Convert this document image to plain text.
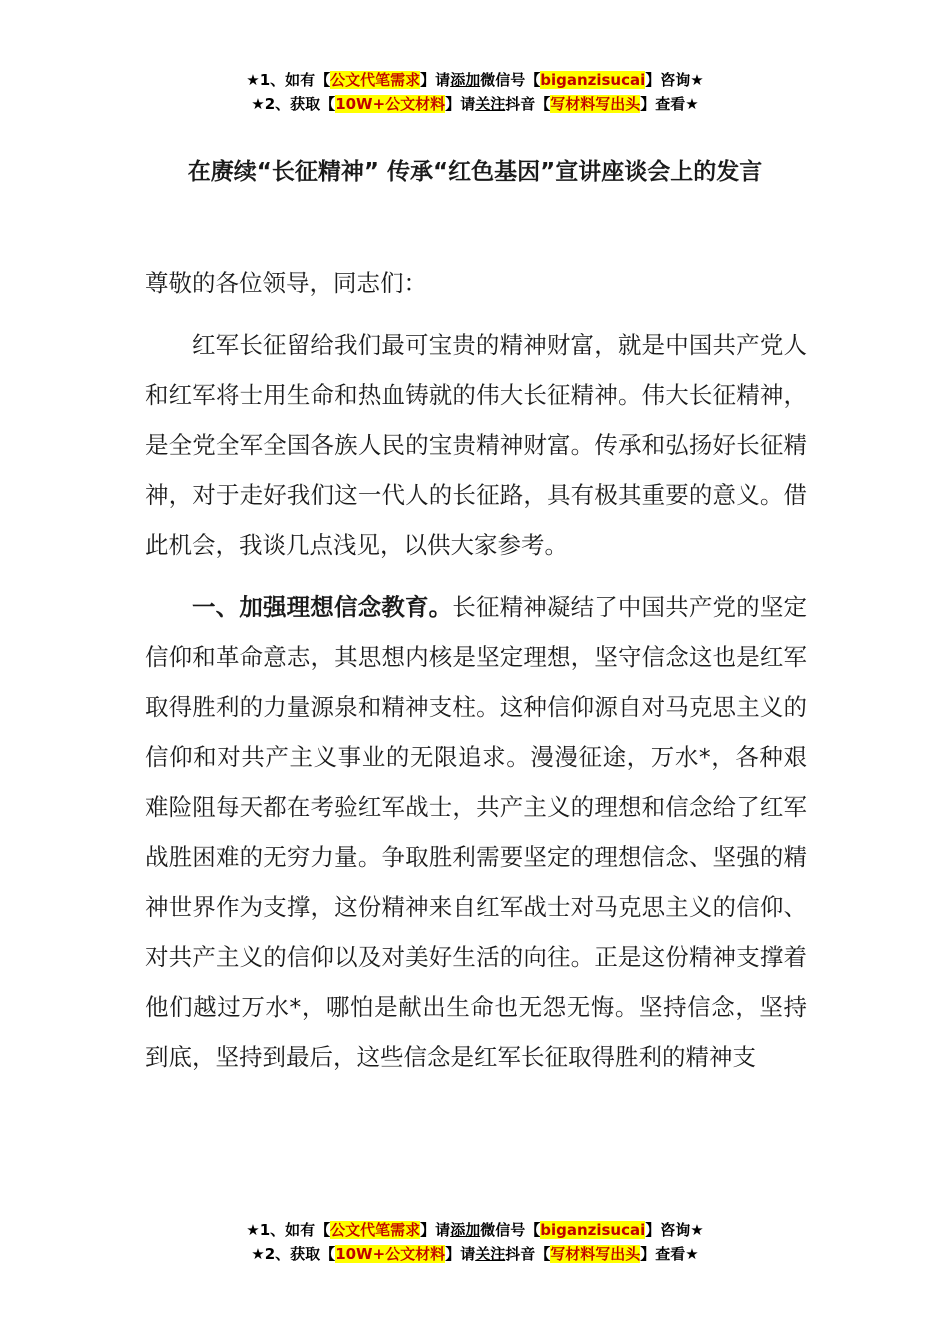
★1、如有【公文代笔需求】请添加微信号【biganzisucai】咨询★
★2、获取【10W+公文材料】请关注抖音【写材料写出头】查看★
在赓续“长征精神” 传承“红色基因”宣讲座谈会上的发言

尊敬的各位领导，同志们：

红军长征留给我们最可宝贵的精神财富，就是中国共产党人和红军将士用生命和热血铸就的伟大长征精神。伟大长征精神，是全党全军全国各族人民的宝贵精神财富。传承和弘扬好长征精神，对于走好我们这一代人的长征路，具有极其重要的意义。借此机会，我谈几点浅见，以供大家参考。

一、加强理想信念教育。长征精神凝结了中国共产党的坚定信仰和革命意志，其思想内核是坚定理想，坚守信念这也是红军取得胜利的力量源泉和精神支柱。这种信仰源自对马克思主义的信仰和对共产主义事业的无限追求。漫漫征途，万水*，各种艰难险阻每天都在考验红军战士，共产主义的理想和信念给了红军战胜困难的无穷力量。争取胜利需要坚定的理想信念、坚强的精神世界作为支撑，这份精神来自红军战士对马克思主义的信仰、对共产主义的信仰以及对美好生活的向往。正是这份精神支撑着他们越过万水*，哪怕是献出生命也无怨无悔。坚持信念，坚持到底，坚持到最后，这些信念是红军长征取得胜利的精神支

★1、如有【公文代笔需求】请添加微信号【biganzisucai】咨询★
★2、获取【10W+公文材料】请关注抖音【写材料写出头】查看★
